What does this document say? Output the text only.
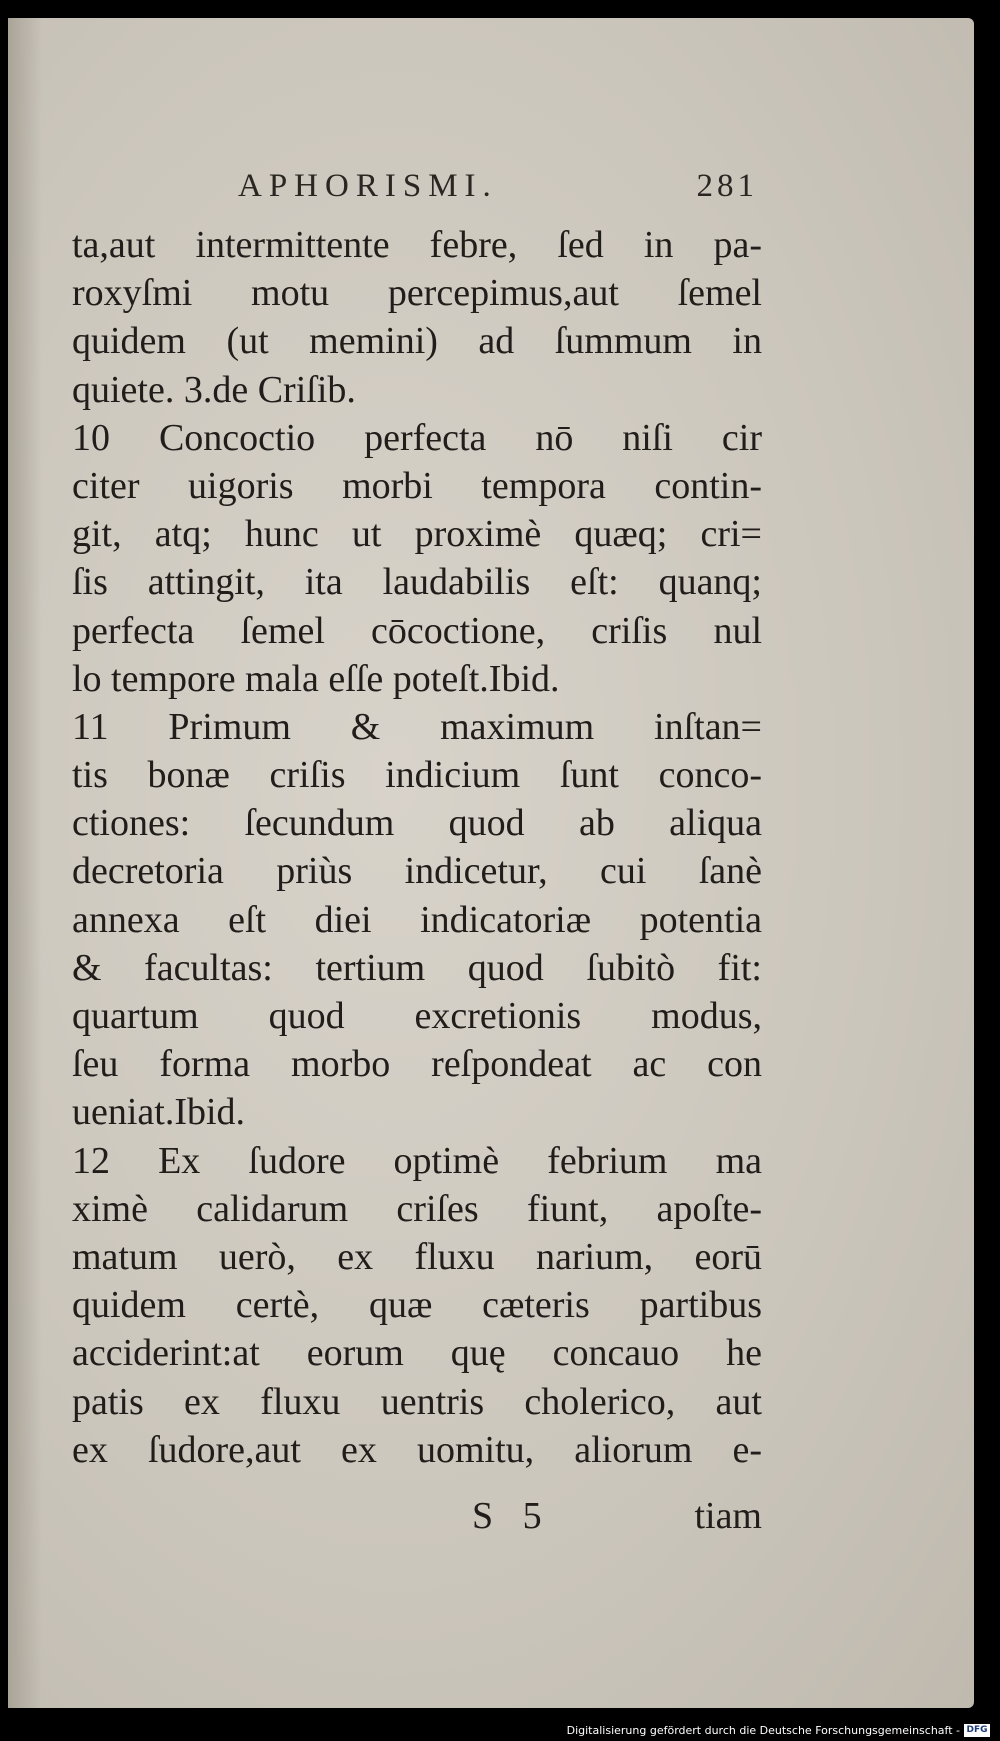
APHORISMI.	281
ta,aut intermittente febre, ſed in pa-
roxyſmi motu percepimus,aut ſemel
quidem (ut memini) ad ſummum in
quiete. 3.de Criſib.
10 Concoctio perfecta nō niſi cir
citer uigoris morbi tempora contin-
git, atq; hunc ut proximè quæq; cri=
ſis attingit, ita laudabilis eſt: quanq;
perfecta ſemel cōcoctione, criſis nul
lo tempore mala eſſe poteſt.Ibid.
11 Primum & maximum inſtan=
tis bonæ criſis indicium ſunt conco-
ctiones: ſecundum quod ab aliqua
decretoria priùs indicetur, cui ſanè
annexa eſt diei indicatoriæ potentia
& facultas: tertium quod ſubitò fit:
quartum quod excretionis modus,
ſeu forma morbo reſpondeat ac con
ueniat.Ibid.
12 Ex ſudore optimè febrium ma
ximè calidarum criſes fiunt, apoſte-
matum uerò, ex fluxu narium, eorū
quidem certè, quæ cæteris partibus
acciderint:at eorum quę concauo he
patis ex fluxu uentris cholerico, aut
ex ſudore,aut ex uomitu, aliorum e-
S 5	tiam
Digitalisierung gefördert durch die Deutsche Forschungsgemeinschaft - DFG
